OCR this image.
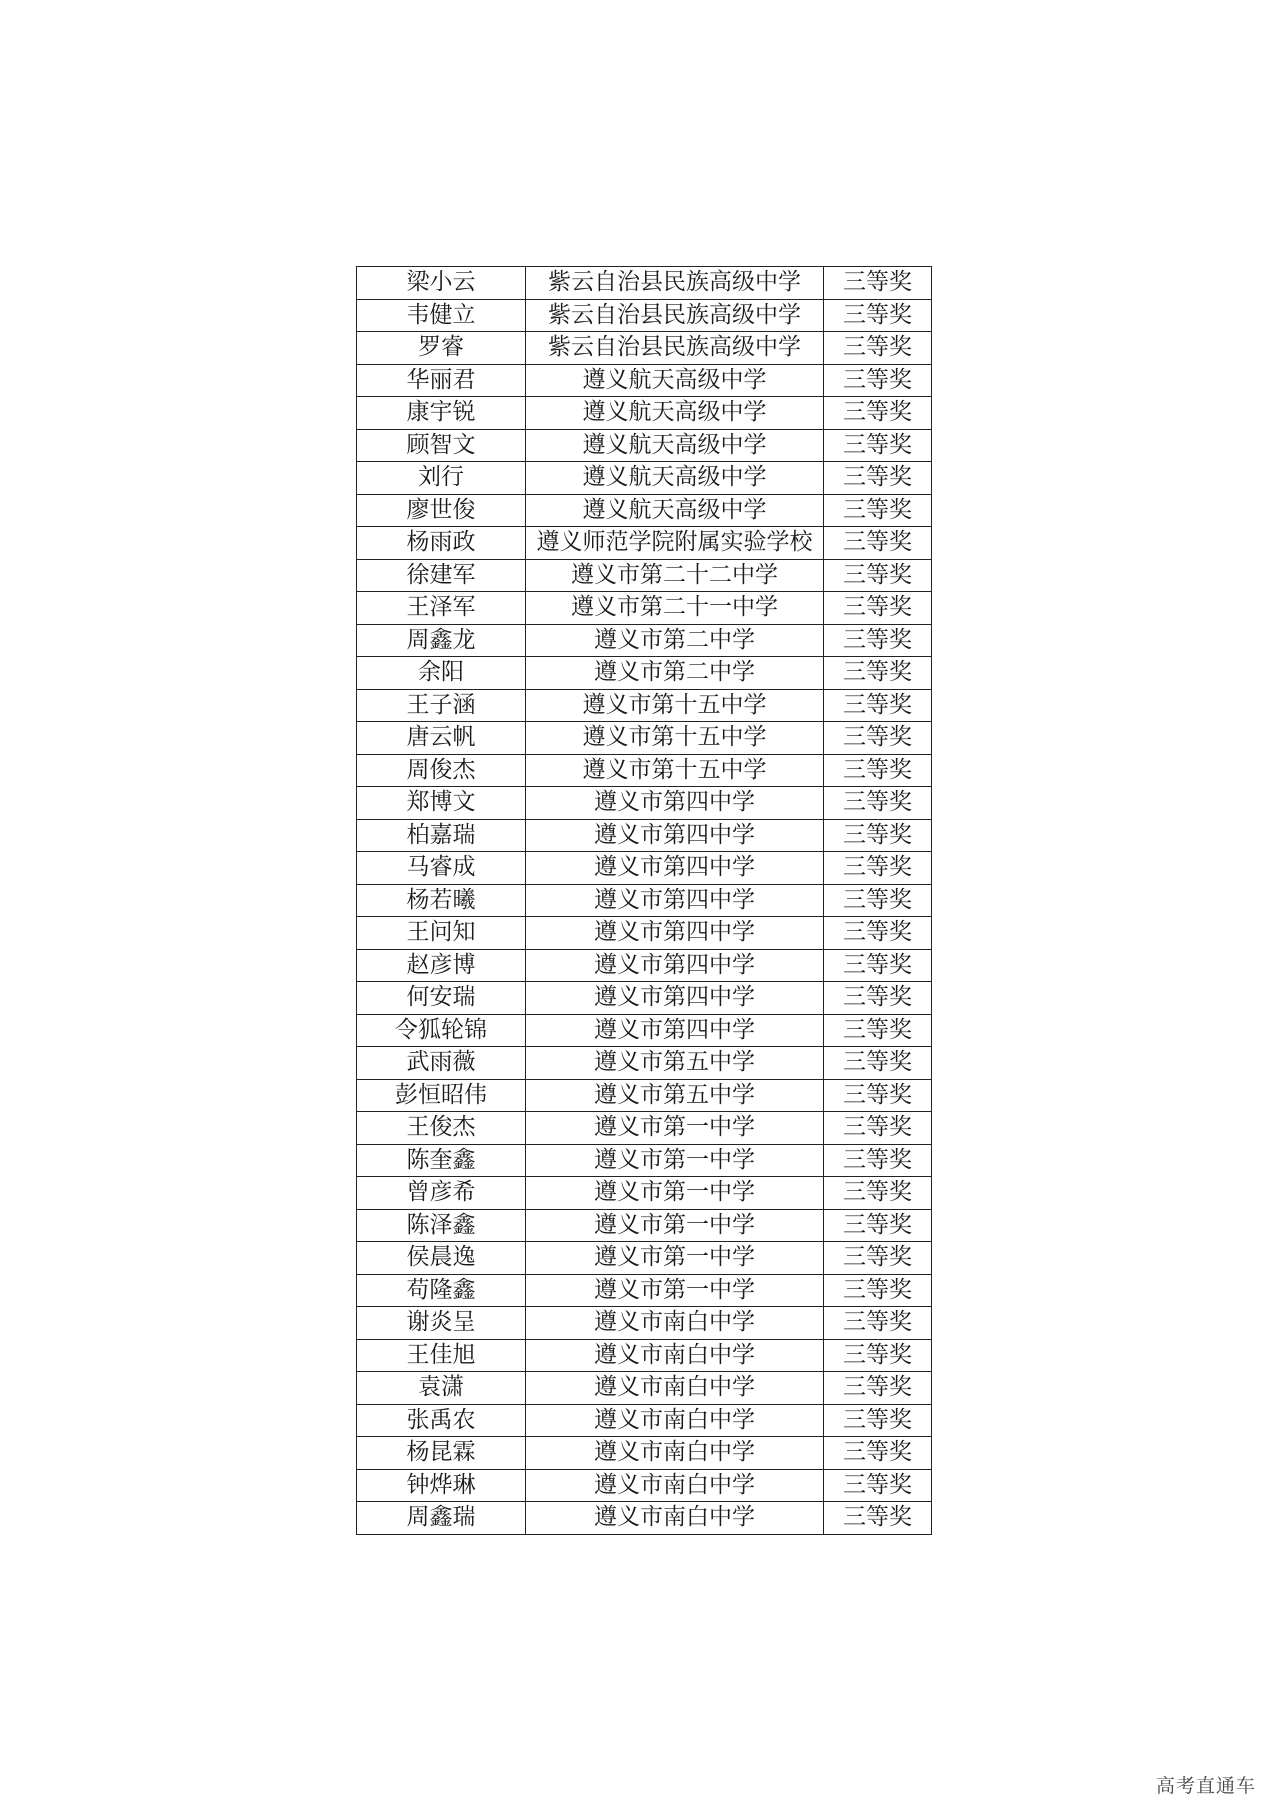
梁小云	紫云自治县民族高级中学	三等奖
韦健立	紫云自治县民族高级中学	三等奖
罗睿	紫云自治县民族高级中学	三等奖
华丽君	遵义航天高级中学	三等奖
康宇锐	遵义航天高级中学	三等奖
顾智文	遵义航天高级中学	三等奖
刘行	遵义航天高级中学	三等奖
廖世俊	遵义航天高级中学	三等奖
杨雨政	遵义师范学院附属实验学校	三等奖
徐建军	遵义市第二十二中学	三等奖
王泽军	遵义市第二十一中学	三等奖
周鑫龙	遵义市第二中学	三等奖
余阳	遵义市第二中学	三等奖
王子涵	遵义市第十五中学	三等奖
唐云帆	遵义市第十五中学	三等奖
周俊杰	遵义市第十五中学	三等奖
郑博文	遵义市第四中学	三等奖
柏嘉瑞	遵义市第四中学	三等奖
马睿成	遵义市第四中学	三等奖
杨若曦	遵义市第四中学	三等奖
王问知	遵义市第四中学	三等奖
赵彦博	遵义市第四中学	三等奖
何安瑞	遵义市第四中学	三等奖
令狐轮锦	遵义市第四中学	三等奖
武雨薇	遵义市第五中学	三等奖
彭恒昭伟	遵义市第五中学	三等奖
王俊杰	遵义市第一中学	三等奖
陈奎鑫	遵义市第一中学	三等奖
曾彦希	遵义市第一中学	三等奖
陈泽鑫	遵义市第一中学	三等奖
侯晨逸	遵义市第一中学	三等奖
苟隆鑫	遵义市第一中学	三等奖
谢炎呈	遵义市南白中学	三等奖
王佳旭	遵义市南白中学	三等奖
袁潇	遵义市南白中学	三等奖
张禹农	遵义市南白中学	三等奖
杨昆霖	遵义市南白中学	三等奖
钟烨琳	遵义市南白中学	三等奖
周鑫瑞	遵义市南白中学	三等奖
高考直通车
